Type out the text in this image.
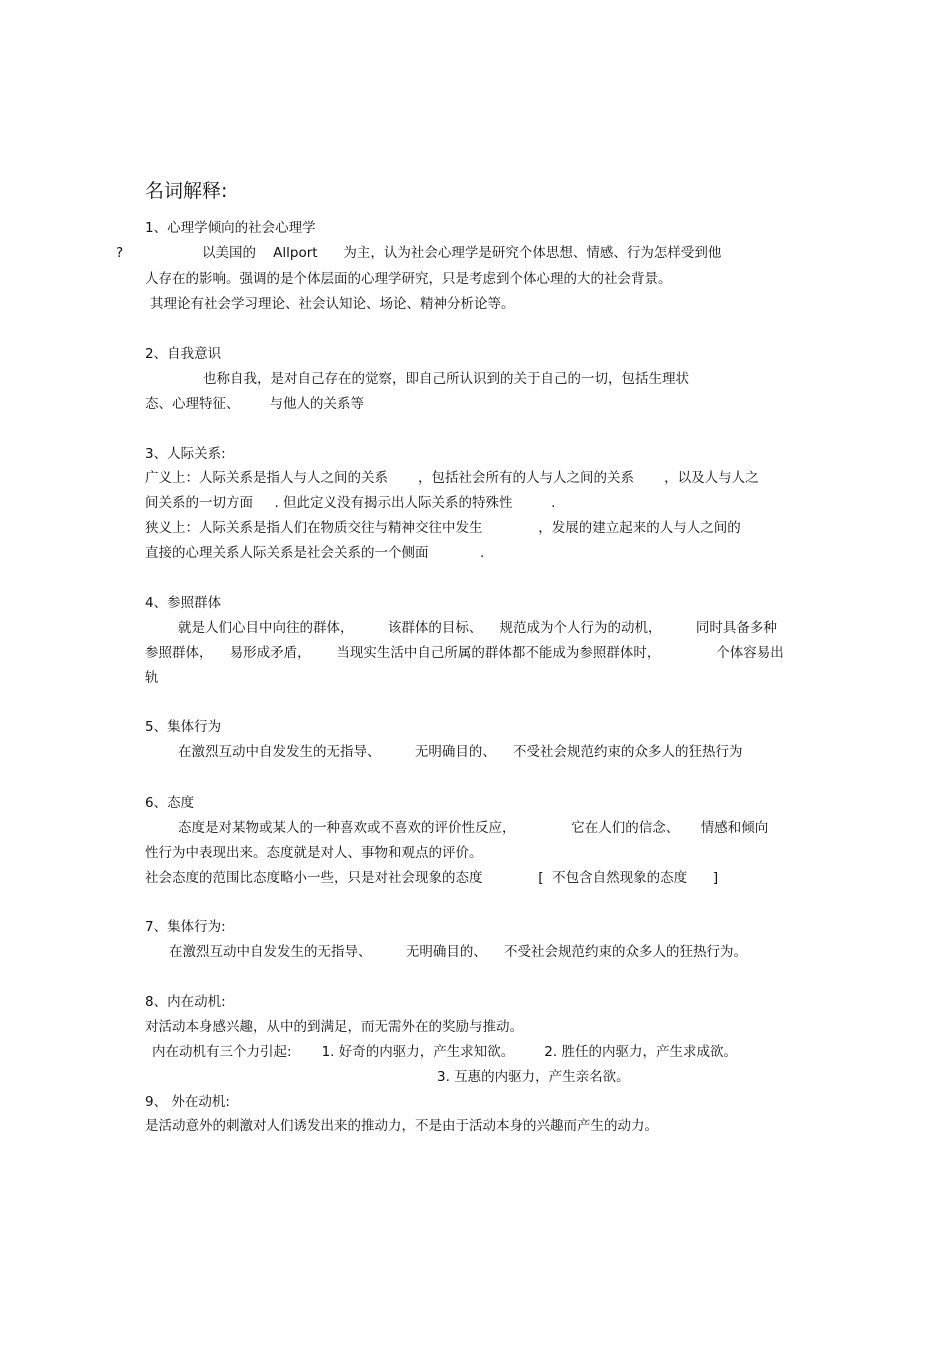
名词解释:
1、心理学倾向的社会心理学
?	以美国的    Allport      为主，认为社会心理学是研究个体思想、情感、行为怎样受到他
人存在的影响。强调的是个体层面的心理学研究，只是考虑到个体心理的大的社会背景。
其理论有社会学习理论、社会认知论、场论、精神分析论等。
2、自我意识
也称自我，是对自己存在的觉察，即自己所认识到的关于自己的一切，包括生理状
态、心理特征、       与他人的关系等
3、人际关系:
广义上：人际关系是指人与人之间的关系       ，包括社会所有的人与人之间的关系       ，以及人与人之
间关系的一切方面     . 但此定义没有揭示出人际关系的特殊性         .
狭义上：人际关系是指人们在物质交往与精神交往中发生             ，发展的建立起来的人与人之间的
直接的心理关系人际关系是社会关系的一个侧面            .
4、参照群体
就是人们心目中向往的群体，        该群体的目标、    规范成为个人行为的动机，        同时具备多种
参照群体，    易形成矛盾，      当现实生活中自己所属的群体都不能成为参照群体时，             个体容易出
轨
5、集体行为
在激烈互动中自发发生的无指导、        无明确目的、    不受社会规范约束的众多人的狂热行为
6、态度
态度是对某物或某人的一种喜欢或不喜欢的评价性反应，             它在人们的信念、     情感和倾向
性行为中表现出来。态度就是对人、事物和观点的评价。
社会态度的范围比态度略小一些，只是对社会现象的态度             [  不包含自然现象的态度      ]
7、集体行为:
在激烈互动中自发发生的无指导、        无明确目的、    不受社会规范约束的众多人的狂热行为。
8、内在动机:
对活动本身感兴趣，从中的到满足，而无需外在的奖励与推动。
内在动机有三个力引起:       1. 好奇的内驱力，产生求知欲。       2. 胜任的内驱力，产生求成欲。
3. 互惠的内驱力，产生亲名欲。
9、 外在动机:
是活动意外的刺激对人们诱发出来的推动力，不是由于活动本身的兴趣而产生的动力。
